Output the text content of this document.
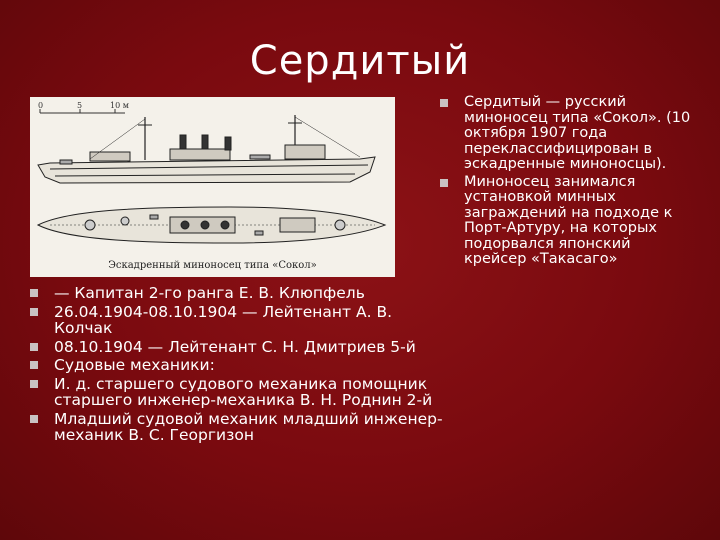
Сердитый
0	5	10 м
Эскадренный миноносец типа «Сокол»
Сердитый — русский миноносец типа «Сокол». (10 октября 1907 года переклассифицирован в эскадренные миноносцы).
Миноносец занимался установкой минных заграждений на подходе к Порт-Артуру, на которых подорвался японский крейсер «Такасаго»
— Капитан 2-го ранга Е. В. Клюпфель
26.04.1904-08.10.1904 — Лейтенант А. В. Колчак
08.10.1904 — Лейтенант С. Н. Дмитриев 5-й
Судовые механики:
И. д. старшего судового механика помощник старшего инженер-механика В. Н. Роднин 2-й
Младший судовой механик младший инженер-механик В. С. Георгизон
